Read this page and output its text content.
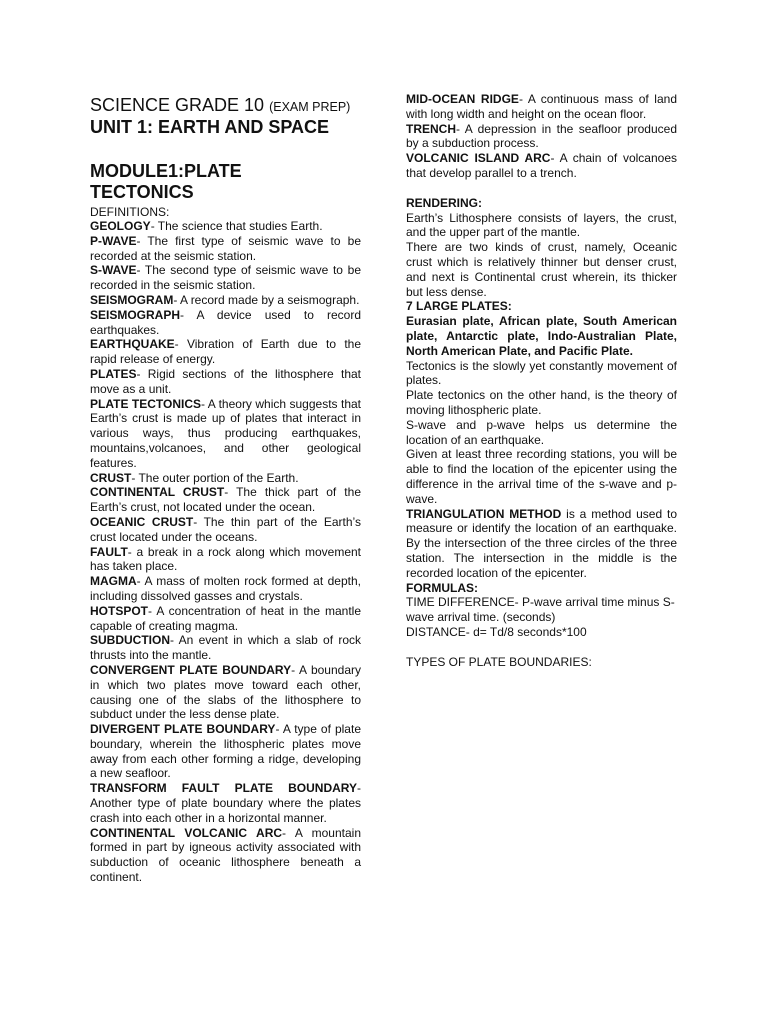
SCIENCE GRADE 10 (EXAM PREP)
UNIT 1: EARTH AND SPACE
MODULE1:PLATE TECTONICS
DEFINITIONS:

GEOLOGY- The science that studies Earth.

P-WAVE- The first type of seismic wave to be recorded at the seismic station.

S-WAVE- The second type of seismic wave to be recorded in the seismic station.

SEISMOGRAM- A record made by a seismograph.

SEISMOGRAPH- A device used to record earthquakes.

EARTHQUAKE- Vibration of Earth due to the rapid release of energy.

PLATES- Rigid sections of the lithosphere that move as a unit.

PLATE TECTONICS- A theory which suggests that Earth’s crust is made up of plates that interact in various ways, thus producing earthquakes, mountains,volcanoes, and other geological features.

CRUST- The outer portion of the Earth.

CONTINENTAL CRUST- The thick part of the Earth’s crust, not located under the ocean.

OCEANIC CRUST- The thin part of the Earth’s crust located under the oceans.

FAULT- a break in a rock along which movement has taken place.

MAGMA- A mass of molten rock formed at depth, including dissolved gasses and crystals.

HOTSPOT- A concentration of heat in the mantle capable of creating magma.

SUBDUCTION- An event in which a slab of rock thrusts into the mantle.

CONVERGENT PLATE BOUNDARY- A boundary in which two plates move toward each other, causing one of the slabs of the lithosphere to subduct under the less dense plate.

DIVERGENT PLATE BOUNDARY- A type of plate boundary, wherein the lithospheric plates move away from each other forming a ridge, developing a new seafloor.

TRANSFORM FAULT PLATE BOUNDARY- Another type of plate boundary where the plates crash into each other in a horizontal manner.

CONTINENTAL VOLCANIC ARC- A mountain formed in part by igneous activity associated with subduction of oceanic lithosphere beneath a continent.

MID-OCEAN RIDGE- A continuous mass of land with long width and height on the ocean floor.

TRENCH- A depression in the seafloor produced by a subduction process.

VOLCANIC ISLAND ARC- A chain of volcanoes that develop parallel to a trench.

RENDERING:

Earth’s Lithosphere consists of layers, the crust, and the upper part of the mantle.

There are two kinds of crust, namely, Oceanic crust which is relatively thinner but denser crust, and next is Continental crust wherein, its thicker but less dense.

7 LARGE PLATES:

Eurasian plate, African plate, South American plate, Antarctic plate, Indo-Australian Plate, North American Plate, and Pacific Plate.

Tectonics is the slowly yet constantly movement of plates.

Plate tectonics on the other hand, is the theory of moving lithospheric plate.

S-wave and p-wave helps us determine the location of an earthquake.

Given at least three recording stations, you will be able to find the location of the epicenter using the difference in the arrival time of the s-wave and p-wave.

TRIANGULATION METHOD is a method used to measure or identify the location of an earthquake. By the intersection of the three circles of the three station. The intersection in the middle is the recorded location of the epicenter.

FORMULAS:

TIME DIFFERENCE- P-wave arrival time minus S-wave arrival time. (seconds)

DISTANCE- d= Td/8 seconds*100

TYPES OF PLATE BOUNDARIES:
